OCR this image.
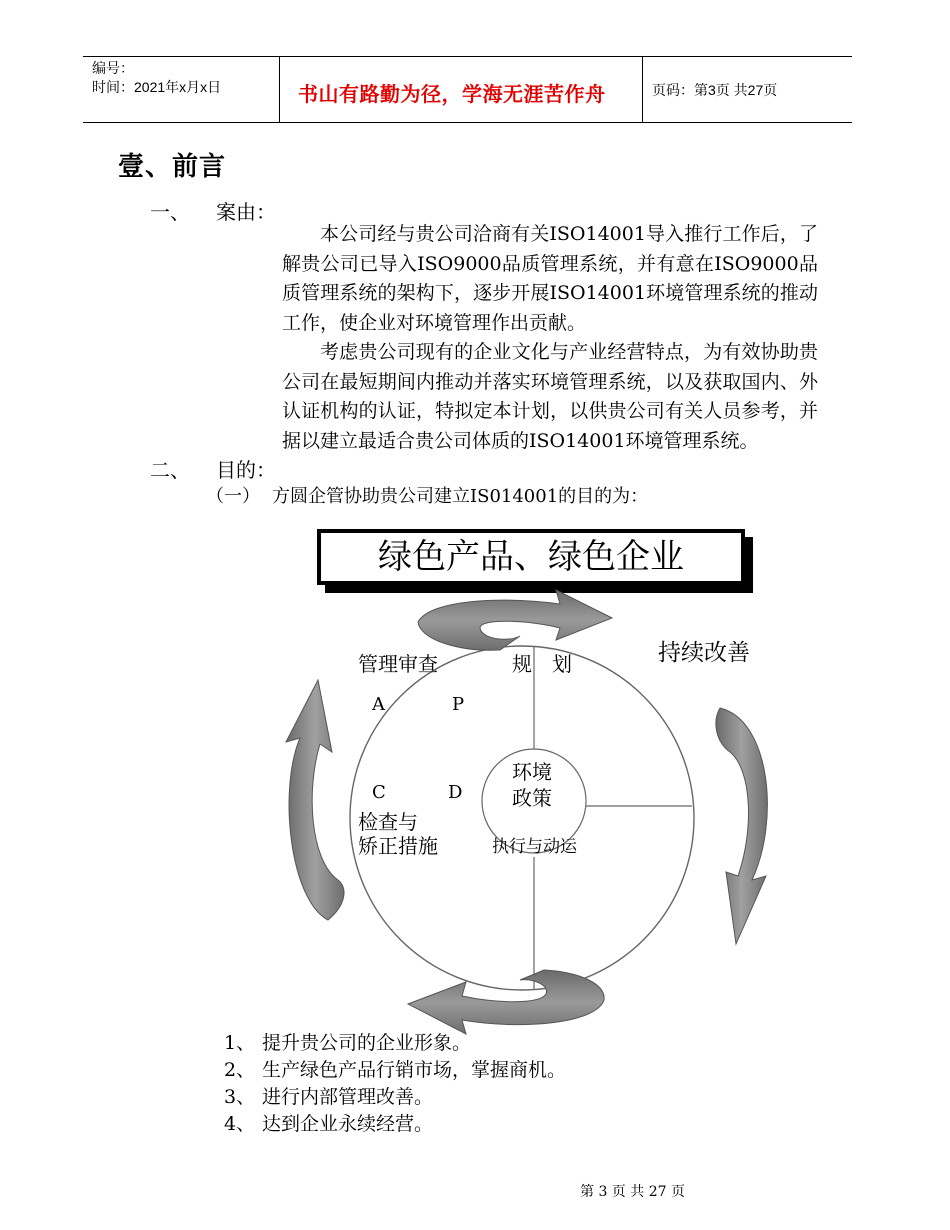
编号：
时间：2021年x月x日	书山有路勤为径，学海无涯苦作舟	页码：第3页 共27页
壹、前言
一、 案由：

本公司经与贵公司洽商有关ISO14001导入推行工作后，了解贵公司已导入ISO9000品质管理系统，并有意在ISO9000品质管理系统的架构下，逐步开展ISO14001环境管理系统的推动工作，使企业对环境管理作出贡献。

考虑贵公司现有的企业文化与产业经营特点，为有效协助贵公司在最短期间内推动并落实环境管理系统，以及获取国内、外认证机构的认证，特拟定本计划，以供贵公司有关人员参考，并据以建立最适合贵公司体质的ISO14001环境管理系统。

二、 目的：
（一） 方圆企管协助贵公司建立IS014001的目的为：
绿色产品、绿色企业
持续改善
管理审查	规　划
A	P
环境
C	D 政策
检查与
矫正措施	执行与动运
1、 提升贵公司的企业形象。
2、 生产绿色产品行销市场，掌握商机。
3、 进行内部管理改善。
4、 达到企业永续经营。
第 3 页 共 27 页
